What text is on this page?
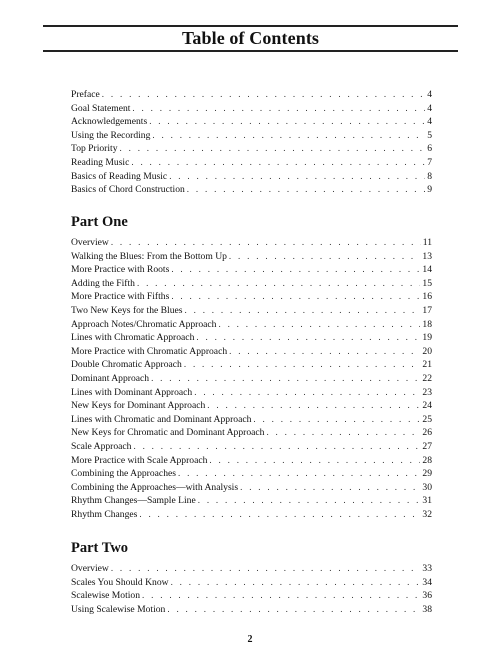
Table of Contents
Preface . . .	4
Goal Statement . . .	4
Acknowledgements . . .	4
Using the Recording . . .	5
Top Priority . . .	6
Reading Music . . .	7
Basics of Reading Music . . .	8
Basics of Chord Construction . . .	9
Part One
Overview . . .	11
Walking the Blues: From the Bottom Up . . .	13
More Practice with Roots . . .	14
Adding the Fifth . . .	15
More Practice with Fifths . . .	16
Two New Keys for the Blues . . .	17
Approach Notes/Chromatic Approach . . .	18
Lines with Chromatic Approach . . .	19
More Practice with Chromatic Approach . . .	20
Double Chromatic Approach . . .	21
Dominant Approach . . .	22
Lines with Dominant Approach . . .	23
New Keys for Dominant Approach . . .	24
Lines with Chromatic and Dominant Approach . . .	25
New Keys for Chromatic and Dominant Approach . . .	26
Scale Approach . . .	27
More Practice with Scale Approach . . .	28
Combining the Approaches . . .	29
Combining the Approaches—with Analysis . . .	30
Rhythm Changes—Sample Line . . .	31
Rhythm Changes . . .	32
Part Two
Overview . . .	33
Scales You Should Know . . .	34
Scalewise Motion . . .	36
Using Scalewise Motion . . .	38
2
